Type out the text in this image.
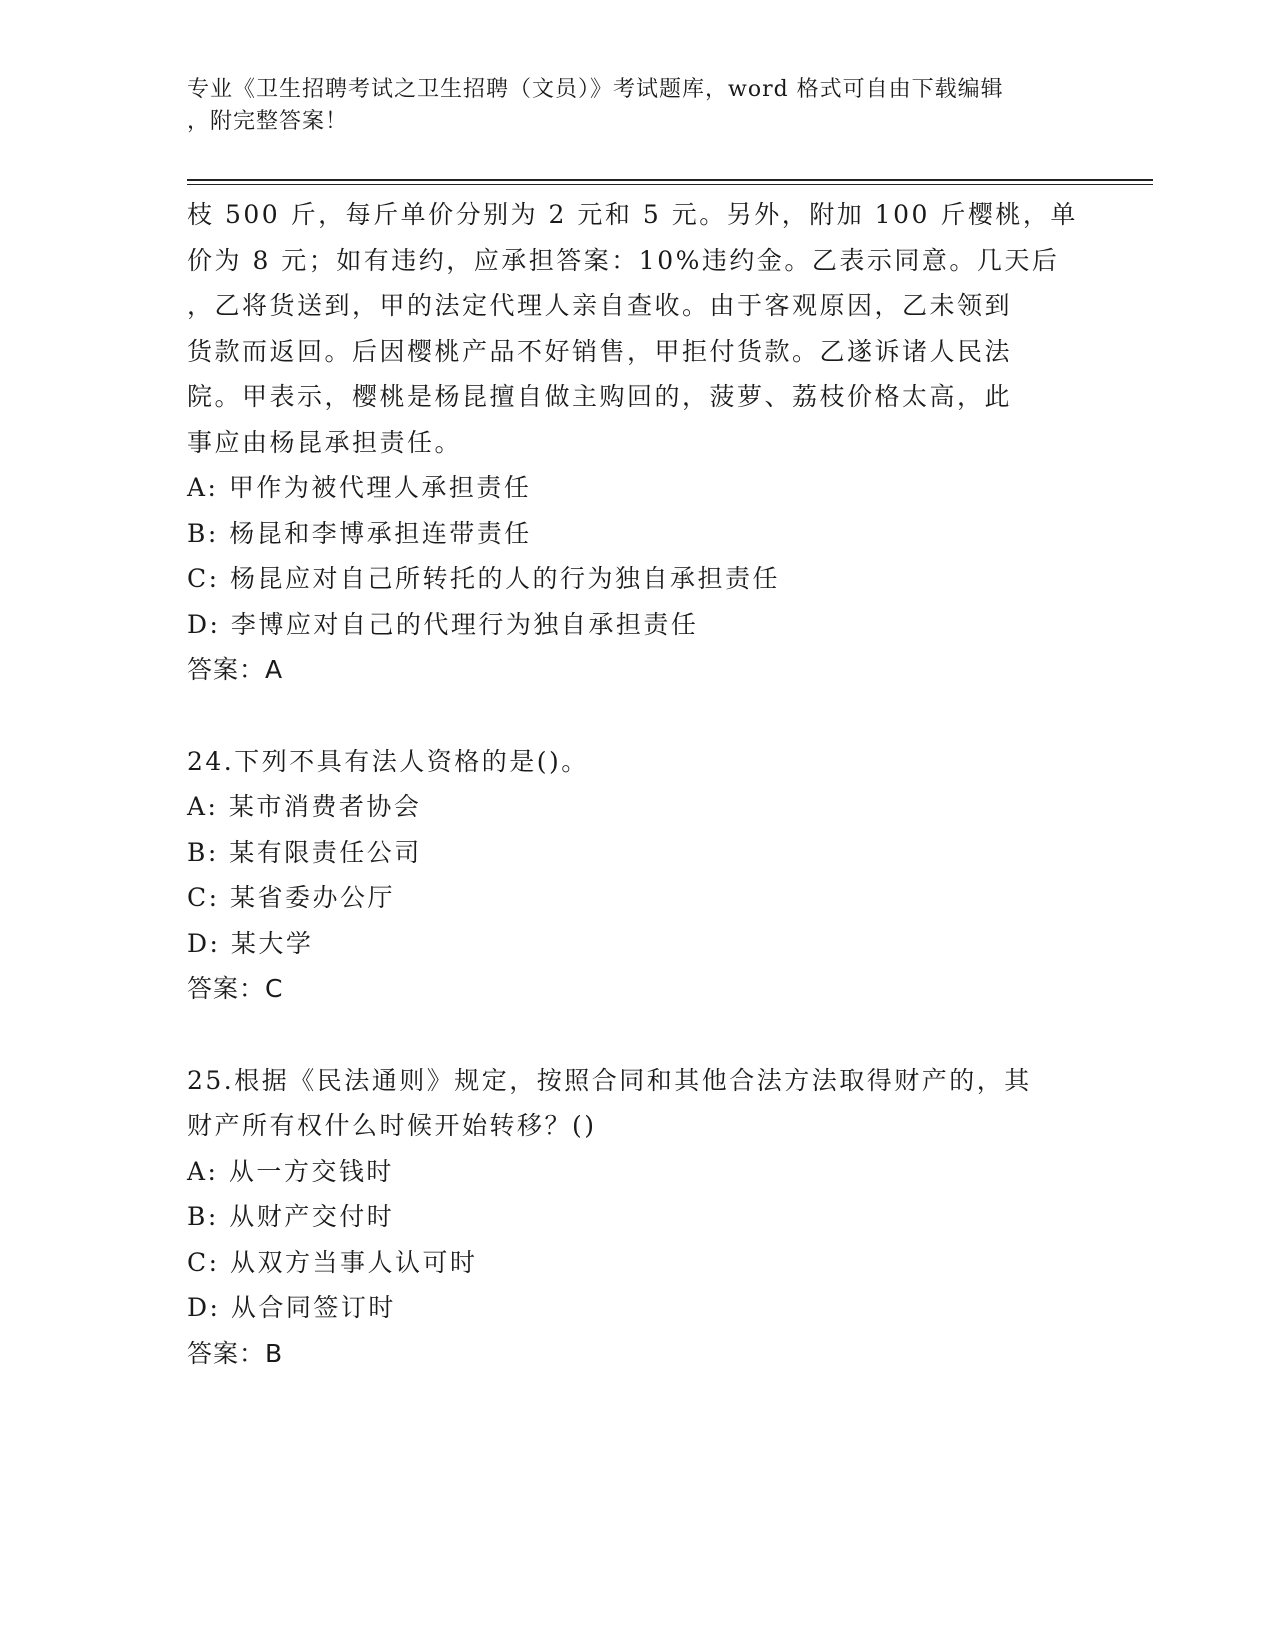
专业《卫生招聘考试之卫生招聘（文员）》考试题库，word 格式可自由下载编辑
，附完整答案！
枝 500 斤，每斤单价分别为 2 元和 5 元。另外，附加 100 斤樱桃，单
价为 8 元；如有违约，应承担答案：10%违约金。乙表示同意。几天后
，乙将货送到，甲的法定代理人亲自查收。由于客观原因，乙未领到
货款而返回。后因樱桃产品不好销售，甲拒付货款。乙遂诉诸人民法
院。甲表示，樱桃是杨昆擅自做主购回的，菠萝、荔枝价格太高，此
事应由杨昆承担责任。
A: 甲作为被代理人承担责任
B: 杨昆和李博承担连带责任
C: 杨昆应对自己所转托的人的行为独自承担责任
D: 李博应对自己的代理行为独自承担责任
答案：A
24.下列不具有法人资格的是()。
A: 某市消费者协会
B: 某有限责任公司
C: 某省委办公厅
D: 某大学
答案：C
25.根据《民法通则》规定，按照合同和其他合法方法取得财产的，其
财产所有权什么时候开始转移？()
A: 从一方交钱时
B: 从财产交付时
C: 从双方当事人认可时
D: 从合同签订时
答案：B
